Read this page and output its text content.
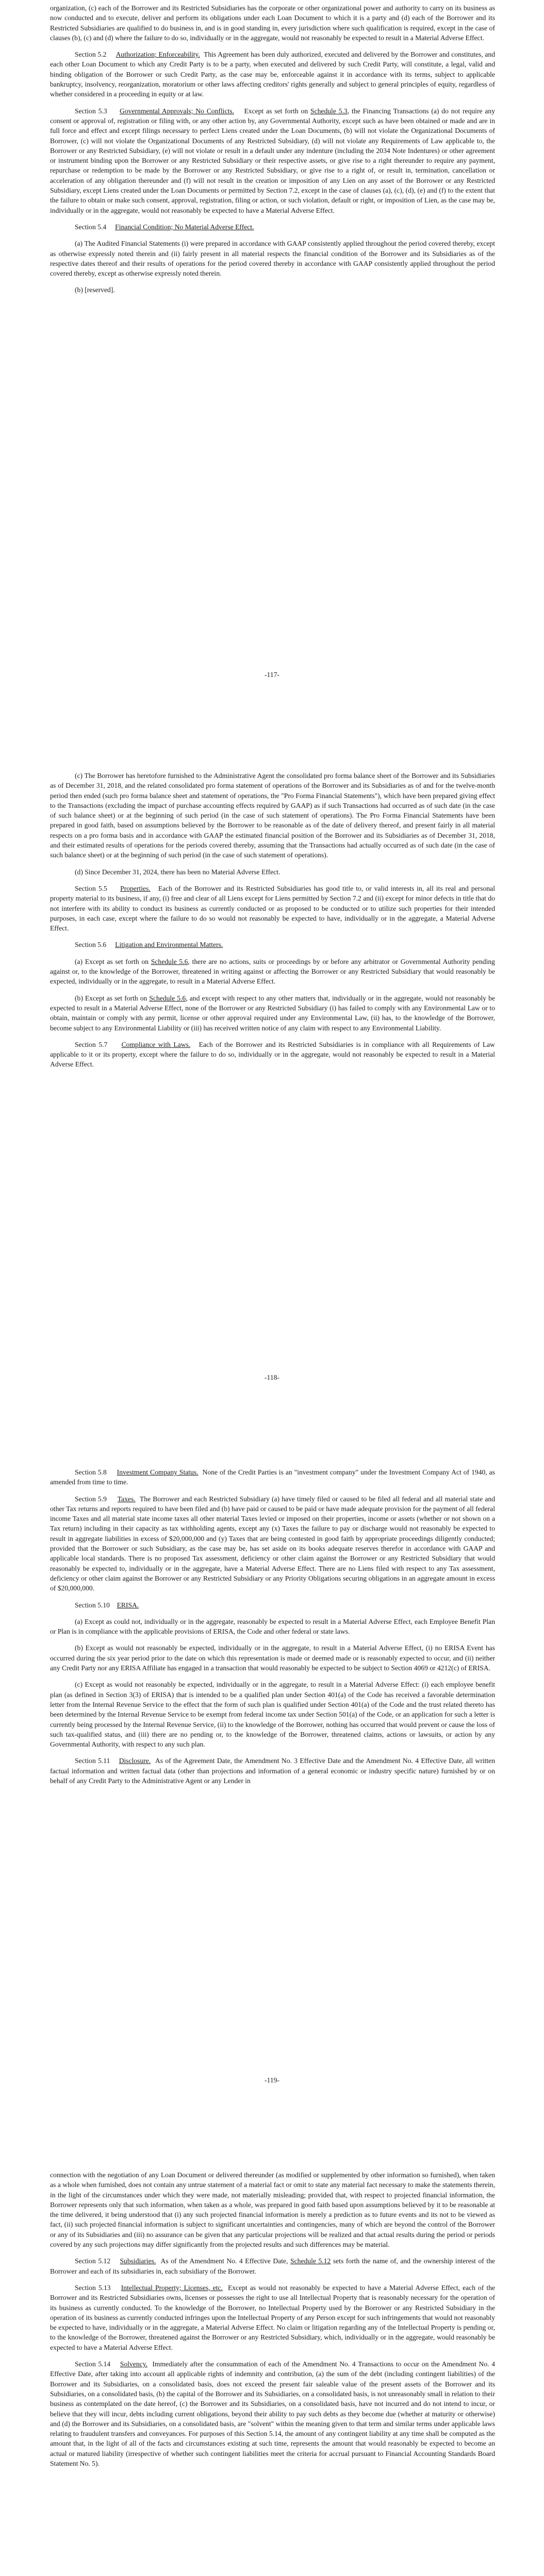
organization, (c) each of the Borrower and its Restricted Subsidiaries has the corporate or other organizational power and authority to carry on its business as now conducted and to execute, deliver and perform its obligations under each Loan Document to which it is a party and (d) each of the Borrower and its Restricted Subsidiaries are qualified to do business in, and is in good standing in, every jurisdiction where such qualification is required, except in the case of clauses (b), (c) and (d) where the failure to do so, individually or in the aggregate, would not reasonably be expected to result in a Material Adverse Effect.

Section 5.2 Authorization; Enforceability. This Agreement has been duly authorized, executed and delivered by the Borrower and constitutes, and each other Loan Document to which any Credit Party is to be a party, when executed and delivered by such Credit Party, will constitute, a legal, valid and binding obligation of the Borrower or such Credit Party, as the case may be, enforceable against it in accordance with its terms, subject to applicable bankruptcy, insolvency, reorganization, moratorium or other laws affecting creditors' rights generally and subject to general principles of equity, regardless of whether considered in a proceeding in equity or at law.

Section 5.3 Governmental Approvals; No Conflicts. Except as set forth on Schedule 5.3, the Financing Transactions (a) do not require any consent or approval of, registration or filing with, or any other action by, any Governmental Authority, except such as have been obtained or made and are in full force and effect and except filings necessary to perfect Liens created under the Loan Documents, (b) will not violate the Organizational Documents of Borrower, (c) will not violate the Organizational Documents of any Restricted Subsidiary, (d) will not violate any Requirements of Law applicable to, the Borrower or any Restricted Subsidiary, (e) will not violate or result in a default under any indenture (including the 2034 Note Indentures) or other agreement or instrument binding upon the Borrower or any Restricted Subsidiary or their respective assets, or give rise to a right thereunder to require any payment, repurchase or redemption to be made by the Borrower or any Restricted Subsidiary, or give rise to a right of, or result in, termination, cancellation or acceleration of any obligation thereunder and (f) will not result in the creation or imposition of any Lien on any asset of the Borrower or any Restricted Subsidiary, except Liens created under the Loan Documents or permitted by Section 7.2, except in the case of clauses (a), (c), (d), (e) and (f) to the extent that the failure to obtain or make such consent, approval, registration, filing or action, or such violation, default or right, or imposition of Lien, as the case may be, individually or in the aggregate, would not reasonably be expected to have a Material Adverse Effect.

Section 5.4 Financial Condition; No Material Adverse Effect.

(a) The Audited Financial Statements (i) were prepared in accordance with GAAP consistently applied throughout the period covered thereby, except as otherwise expressly noted therein and (ii) fairly present in all material respects the financial condition of the Borrower and its Subsidiaries as of the respective dates thereof and their results of operations for the period covered thereby in accordance with GAAP consistently applied throughout the period covered thereby, except as otherwise expressly noted therein.

(b) [reserved].

-117-

(c) The Borrower has heretofore furnished to the Administrative Agent the consolidated pro forma balance sheet of the Borrower and its Subsidiaries as of December 31, 2018, and the related consolidated pro forma statement of operations of the Borrower and its Subsidiaries as of and for the twelve-month period then ended (such pro forma balance sheet and statement of operations, the "Pro Forma Financial Statements"), which have been prepared giving effect to the Transactions (excluding the impact of purchase accounting effects required by GAAP) as if such Transactions had occurred as of such date (in the case of such balance sheet) or at the beginning of such period (in the case of such statement of operations). The Pro Forma Financial Statements have been prepared in good faith, based on assumptions believed by the Borrower to be reasonable as of the date of delivery thereof, and present fairly in all material respects on a pro forma basis and in accordance with GAAP the estimated financial position of the Borrower and its Subsidiaries as of December 31, 2018, and their estimated results of operations for the periods covered thereby, assuming that the Transactions had actually occurred as of such date (in the case of such balance sheet) or at the beginning of such period (in the case of such statement of operations).

(d) Since December 31, 2024, there has been no Material Adverse Effect.

Section 5.5 Properties. Each of the Borrower and its Restricted Subsidiaries has good title to, or valid interests in, all its real and personal property material to its business, if any, (i) free and clear of all Liens except for Liens permitted by Section 7.2 and (ii) except for minor defects in title that do not interfere with its ability to conduct its business as currently conducted or as proposed to be conducted or to utilize such properties for their intended purposes, in each case, except where the failure to do so would not reasonably be expected to have, individually or in the aggregate, a Material Adverse Effect.

Section 5.6 Litigation and Environmental Matters.

(a) Except as set forth on Schedule 5.6, there are no actions, suits or proceedings by or before any arbitrator or Governmental Authority pending against or, to the knowledge of the Borrower, threatened in writing against or affecting the Borrower or any Restricted Subsidiary that would reasonably be expected, individually or in the aggregate, to result in a Material Adverse Effect.

(b) Except as set forth on Schedule 5.6, and except with respect to any other matters that, individually or in the aggregate, would not reasonably be expected to result in a Material Adverse Effect, none of the Borrower or any Restricted Subsidiary (i) has failed to comply with any Environmental Law or to obtain, maintain or comply with any permit, license or other approval required under any Environmental Law, (ii) has, to the knowledge of the Borrower, become subject to any Environmental Liability or (iii) has received written notice of any claim with respect to any Environmental Liability.

Section 5.7 Compliance with Laws. Each of the Borrower and its Restricted Subsidiaries is in compliance with all Requirements of Law applicable to it or its property, except where the failure to do so, individually or in the aggregate, would not reasonably be expected to result in a Material Adverse Effect.

-118-

Section 5.8 Investment Company Status. None of the Credit Parties is an "investment company" under the Investment Company Act of 1940, as amended from time to time.

Section 5.9 Taxes. The Borrower and each Restricted Subsidiary (a) have timely filed or caused to be filed all federal and all material state and other Tax returns and reports required to have been filed and (b) have paid or caused to be paid or have made adequate provision for the payment of all federal income Taxes and all material state income taxes all other material Taxes levied or imposed on their properties, income or assets (whether or not shown on a Tax return) including in their capacity as tax withholding agents, except any (x) Taxes the failure to pay or discharge would not reasonably be expected to result in aggregate liabilities in excess of $20,000,000 and (y) Taxes that are being contested in good faith by appropriate proceedings diligently conducted; provided that the Borrower or such Subsidiary, as the case may be, has set aside on its books adequate reserves therefor in accordance with GAAP and applicable local standards. There is no proposed Tax assessment, deficiency or other claim against the Borrower or any Restricted Subsidiary that would reasonably be expected to, individually or in the aggregate, have a Material Adverse Effect. There are no Liens filed with respect to any Tax assessment, deficiency or other claim against the Borrower or any Restricted Subsidiary or any Priority Obligations securing obligations in an aggregate amount in excess of $20,000,000.

Section 5.10 ERISA.

(a) Except as could not, individually or in the aggregate, reasonably be expected to result in a Material Adverse Effect, each Employee Benefit Plan or Plan is in compliance with the applicable provisions of ERISA, the Code and other federal or state laws.

(b) Except as would not reasonably be expected, individually or in the aggregate, to result in a Material Adverse Effect, (i) no ERISA Event has occurred during the six year period prior to the date on which this representation is made or deemed made or is reasonably expected to occur, and (ii) neither any Credit Party nor any ERISA Affiliate has engaged in a transaction that would reasonably be expected to be subject to Section 4069 or 4212(c) of ERISA.

(c) Except as would not reasonably be expected, individually or in the aggregate, to result in a Material Adverse Effect: (i) each employee benefit plan (as defined in Section 3(3) of ERISA) that is intended to be a qualified plan under Section 401(a) of the Code has received a favorable determination letter from the Internal Revenue Service to the effect that the form of such plan is qualified under Section 401(a) of the Code and the trust related thereto has been determined by the Internal Revenue Service to be exempt from federal income tax under Section 501(a) of the Code, or an application for such a letter is currently being processed by the Internal Revenue Service, (ii) to the knowledge of the Borrower, nothing has occurred that would prevent or cause the loss of such tax-qualified status, and (iii) there are no pending or, to the knowledge of the Borrower, threatened claims, actions or lawsuits, or action by any Governmental Authority, with respect to any such plan.

Section 5.11 Disclosure. As of the Agreement Date, the Amendment No. 3 Effective Date and the Amendment No. 4 Effective Date, all written factual information and written factual data (other than projections and information of a general economic or industry specific nature) furnished by or on behalf of any Credit Party to the Administrative Agent or any Lender in

-119-

connection with the negotiation of any Loan Document or delivered thereunder (as modified or supplemented by other information so furnished), when taken as a whole when furnished, does not contain any untrue statement of a material fact or omit to state any material fact necessary to make the statements therein, in the light of the circumstances under which they were made, not materially misleading; provided that, with respect to projected financial information, the Borrower represents only that such information, when taken as a whole, was prepared in good faith based upon assumptions believed by it to be reasonable at the time delivered, it being understood that (i) any such projected financial information is merely a prediction as to future events and its not to be viewed as fact, (ii) such projected financial information is subject to significant uncertainties and contingencies, many of which are beyond the control of the Borrower or any of its Subsidiaries and (iii) no assurance can be given that any particular projections will be realized and that actual results during the period or periods covered by any such projections may differ significantly from the projected results and such differences may be material.

Section 5.12 Subsidiaries. As of the Amendment No. 4 Effective Date, Schedule 5.12 sets forth the name of, and the ownership interest of the Borrower and each of its subsidiaries in, each subsidiary of the Borrower.

Section 5.13 Intellectual Property; Licenses, etc. Except as would not reasonably be expected to have a Material Adverse Effect, each of the Borrower and its Restricted Subsidiaries owns, licenses or possesses the right to use all Intellectual Property that is reasonably necessary for the operation of its business as currently conducted. To the knowledge of the Borrower, no Intellectual Property used by the Borrower or any Restricted Subsidiary in the operation of its business as currently conducted infringes upon the Intellectual Property of any Person except for such infringements that would not reasonably be expected to have, individually or in the aggregate, a Material Adverse Effect. No claim or litigation regarding any of the Intellectual Property is pending or, to the knowledge of the Borrower, threatened against the Borrower or any Restricted Subsidiary, which, individually or in the aggregate, would reasonably be expected to have a Material Adverse Effect.

Section 5.14 Solvency. Immediately after the consummation of each of the Amendment No. 4 Transactions to occur on the Amendment No. 4 Effective Date, after taking into account all applicable rights of indemnity and contribution, (a) the sum of the debt (including contingent liabilities) of the Borrower and its Subsidiaries, on a consolidated basis, does not exceed the present fair saleable value of the present assets of the Borrower and its Subsidiaries, on a consolidated basis, (b) the capital of the Borrower and its Subsidiaries, on a consolidated basis, is not unreasonably small in relation to their business as contemplated on the date hereof, (c) the Borrower and its Subsidiaries, on a consolidated basis, have not incurred and do not intend to incur, or believe that they will incur, debts including current obligations, beyond their ability to pay such debts as they become due (whether at maturity or otherwise) and (d) the Borrower and its Subsidiaries, on a consolidated basis, are "solvent" within the meaning given to that term and similar terms under applicable laws relating to fraudulent transfers and conveyances. For purposes of this Section 5.14, the amount of any contingent liability at any time shall be computed as the amount that, in the light of all of the facts and circumstances existing at such time, represents the amount that would reasonably be expected to become an actual or matured liability (irrespective of whether such contingent liabilities meet the criteria for accrual pursuant to Financial Accounting Standards Board Statement No. 5).
